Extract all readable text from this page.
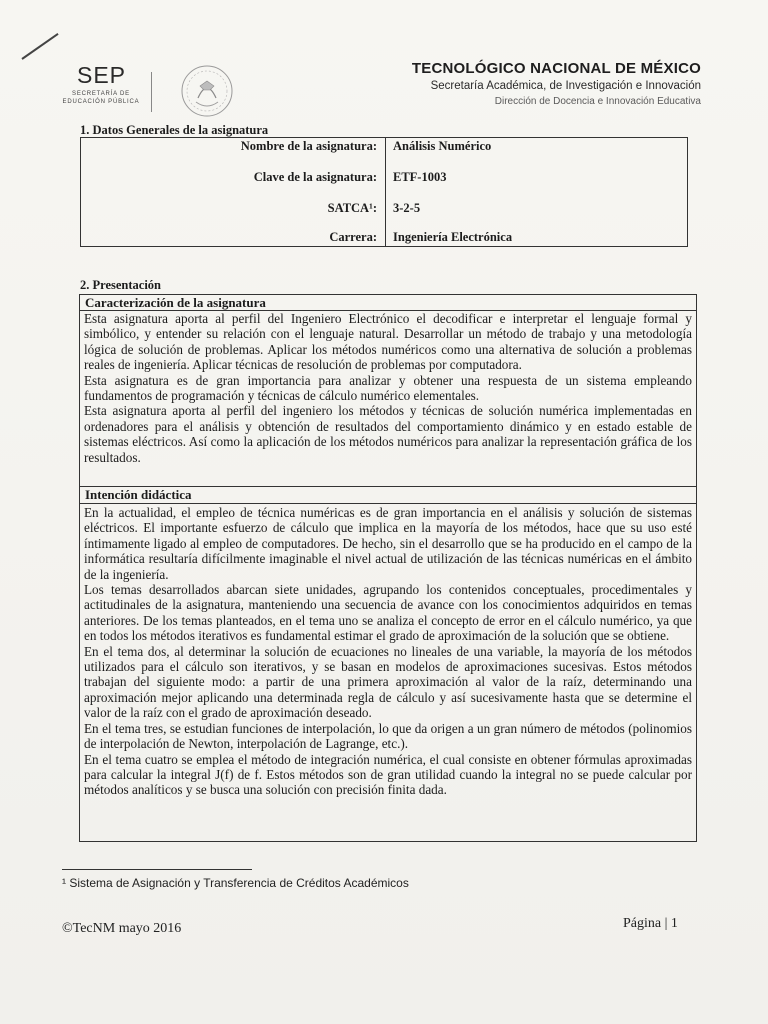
SEP
SECRETARÍA DE EDUCACIÓN PÚBLICA
TECNOLÓGICO NACIONAL DE MÉXICO
Secretaría Académica, de Investigación e Innovación
Dirección de Docencia e Innovación Educativa
1. Datos Generales de la asignatura
Nombre de la asignatura: Análisis Numérico
Clave de la asignatura: ETF-1003
SATCA¹: 3-2-5
Carrera: Ingeniería Electrónica
2. Presentación
Caracterización de la asignatura

Esta asignatura aporta al perfil del Ingeniero Electrónico el decodificar e interpretar el lenguaje formal y simbólico, y entender su relación con el lenguaje natural. Desarrollar un método de trabajo y una metodología lógica de solución de problemas. Aplicar los métodos numéricos como una alternativa de solución a problemas reales de ingeniería. Aplicar técnicas de resolución de problemas por computadora.

Esta asignatura es de gran importancia para analizar y obtener una respuesta de un sistema empleando fundamentos de programación y técnicas de cálculo numérico elementales.

Esta asignatura aporta al perfil del ingeniero los métodos y técnicas de solución numérica implementadas en ordenadores para el análisis y obtención de resultados del comportamiento dinámico y en estado estable de sistemas eléctricos. Así como la aplicación de los métodos numéricos para analizar la representación gráfica de los resultados.

Intención didáctica

En la actualidad, el empleo de técnica numéricas es de gran importancia en el análisis y solución de sistemas eléctricos. El importante esfuerzo de cálculo que implica en la mayoría de los métodos, hace que su uso esté íntimamente ligado al empleo de computadores. De hecho, sin el desarrollo que se ha producido en el campo de la informática resultaría difícilmente imaginable el nivel actual de utilización de las técnicas numéricas en el ámbito de la ingeniería.

Los temas desarrollados abarcan siete unidades, agrupando los contenidos conceptuales, procedimentales y actitudinales de la asignatura, manteniendo una secuencia de avance con los conocimientos adquiridos en temas anteriores. De los temas planteados, en el tema uno se analiza el concepto de error en el cálculo numérico, ya que en todos los métodos iterativos es fundamental estimar el grado de aproximación de la solución que se obtiene.

En el tema dos, al determinar la solución de ecuaciones no lineales de una variable, la mayoría de los métodos utilizados para el cálculo son iterativos, y se basan en modelos de aproximaciones sucesivas. Estos métodos trabajan del siguiente modo: a partir de una primera aproximación al valor de la raíz, determinando una aproximación mejor aplicando una determinada regla de cálculo y así sucesivamente hasta que se determine el valor de la raíz con el grado de aproximación deseado.

En el tema tres, se estudian funciones de interpolación, lo que da origen a un gran número de métodos (polinomios de interpolación de Newton, interpolación de Lagrange, etc.).

En el tema cuatro se emplea el método de integración numérica, el cual consiste en obtener fórmulas aproximadas para calcular la integral J(f) de f. Estos métodos son de gran utilidad cuando la integral no se puede calcular por métodos analíticos y se busca una solución con precisión finita dada.

¹ Sistema de Asignación y Transferencia de Créditos Académicos
©TecNM mayo 2016	Página | 1
